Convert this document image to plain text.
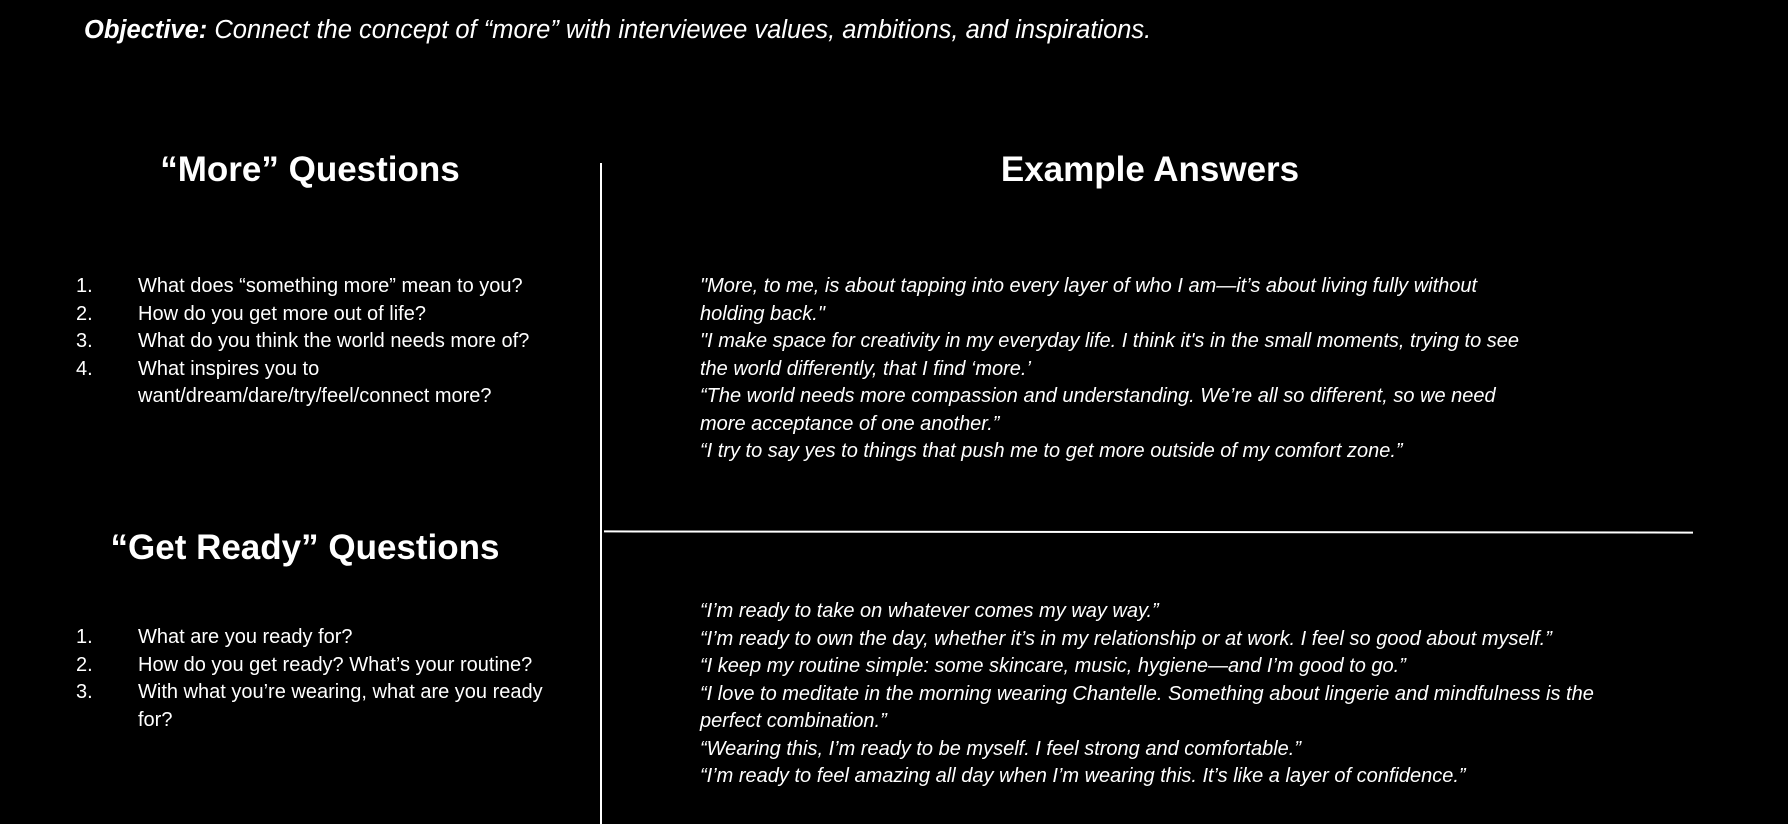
Objective: Connect the concept of “more” with interviewee values, ambitions, and inspirations.
“More” Questions
1. What does “something more” mean to you?
2. How do you get more out of life?
3. What do you think the world needs more of?
4. What inspires you to want/dream/dare/try/feel/connect more?
“Get Ready” Questions
1. What are you ready for?
2. How do you get ready? What’s your routine?
3. With what you’re wearing, what are you ready for?
Example Answers

"More, to me, is about tapping into every layer of who I am—it’s about living fully without holding back."

"I make space for creativity in my everyday life. I think it's in the small moments, trying to see the world differently, that I find ‘more.’

“The world needs more compassion and understanding. We’re all so different, so we need more acceptance of one another.”

“I try to say yes to things that push me to get more outside of my comfort zone.”

“I’m ready to take on whatever comes my way way.”

“I’m ready to own the day, whether it’s in my relationship or at work. I feel so good about myself.”

“I keep my routine simple: some skincare, music, hygiene—and I’m good to go.”

“I love to meditate in the morning wearing Chantelle. Something about lingerie and mindfulness is the perfect combination.”

“Wearing this, I’m ready to be myself. I feel strong and comfortable.”

“I’m ready to feel amazing all day when I’m wearing this. It’s like a layer of confidence.”
